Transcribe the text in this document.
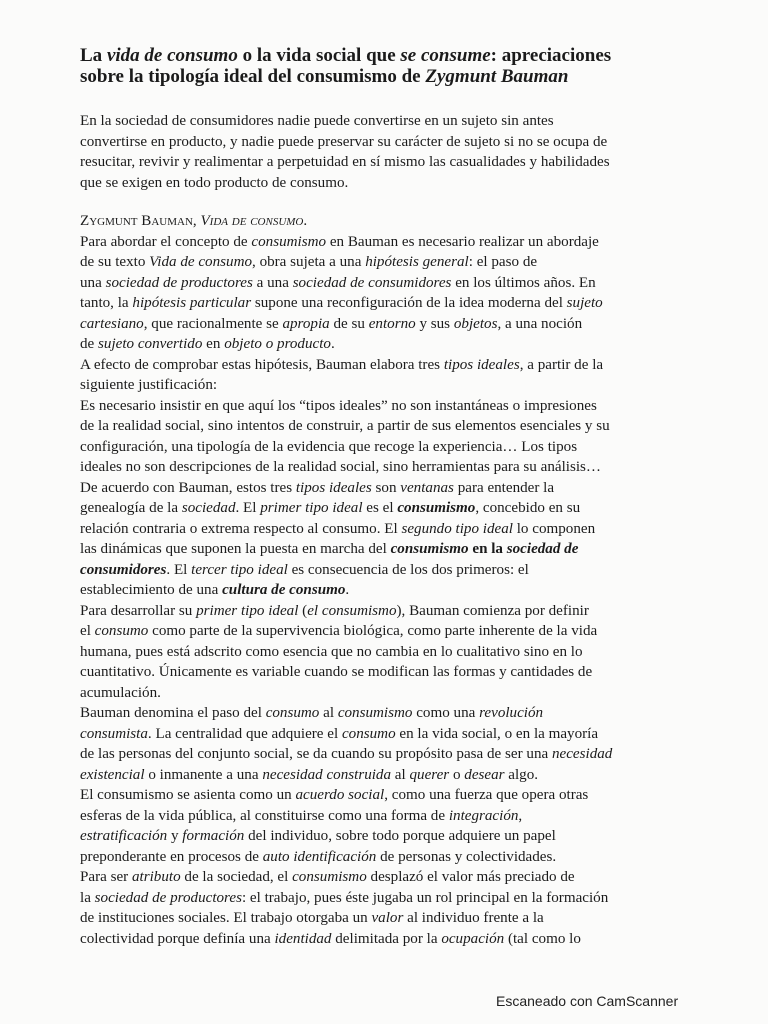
La vida de consumo o la vida social que se consume: apreciaciones
sobre la tipología ideal del consumismo de Zygmunt Bauman

En la sociedad de consumidores nadie puede convertirse en un sujeto sin antes
convertirse en producto, y nadie puede preservar su carácter de sujeto si no se ocupa de
resucitar, revivir y realimentar a perpetuidad en sí mismo las casualidades y habilidades
que se exigen en todo producto de consumo.

Zygmunt Bauman, Vida de consumo.
Para abordar el concepto de consumismo en Bauman es necesario realizar un abordaje
de su texto Vida de consumo, obra sujeta a una hipótesis general: el paso de
una sociedad de productores a una sociedad de consumidores en los últimos años. En
tanto, la hipótesis particular supone una reconfiguración de la idea moderna del sujeto
cartesiano, que racionalmente se apropia de su entorno y sus objetos, a una noción
de sujeto convertido en objeto o producto.
A efecto de comprobar estas hipótesis, Bauman elabora tres tipos ideales, a partir de la
siguiente justificación:
Es necesario insistir en que aquí los “tipos ideales” no son instantáneas o impresiones
de la realidad social, sino intentos de construir, a partir de sus elementos esenciales y su
configuración, una tipología de la evidencia que recoge la experiencia… Los tipos
ideales no son descripciones de la realidad social, sino herramientas para su análisis…
De acuerdo con Bauman, estos tres tipos ideales son ventanas para entender la
genealogía de la sociedad. El primer tipo ideal es el consumismo, concebido en su
relación contraria o extrema respecto al consumo. El segundo tipo ideal lo componen
las dinámicas que suponen la puesta en marcha del consumismo en la sociedad de
consumidores. El tercer tipo ideal es consecuencia de los dos primeros: el
establecimiento de una cultura de consumo.
Para desarrollar su primer tipo ideal (el consumismo), Bauman comienza por definir
el consumo como parte de la supervivencia biológica, como parte inherente de la vida
humana, pues está adscrito como esencia que no cambia en lo cualitativo sino en lo
cuantitativo. Únicamente es variable cuando se modifican las formas y cantidades de
acumulación.
Bauman denomina el paso del consumo al consumismo como una revolución
consumista. La centralidad que adquiere el consumo en la vida social, o en la mayoría
de las personas del conjunto social, se da cuando su propósito pasa de ser una necesidad
existencial o inmanente a una necesidad construida al querer o desear algo.
El consumismo se asienta como un acuerdo social, como una fuerza que opera otras
esferas de la vida pública, al constituirse como una forma de integración,
estratificación y formación del individuo, sobre todo porque adquiere un papel
preponderante en procesos de auto identificación de personas y colectividades.
Para ser atributo de la sociedad, el consumismo desplazó el valor más preciado de
la sociedad de productores: el trabajo, pues éste jugaba un rol principal en la formación
de instituciones sociales. El trabajo otorgaba un valor al individuo frente a la
colectividad porque definía una identidad delimitada por la ocupación (tal como lo
Escaneado con CamScanner
